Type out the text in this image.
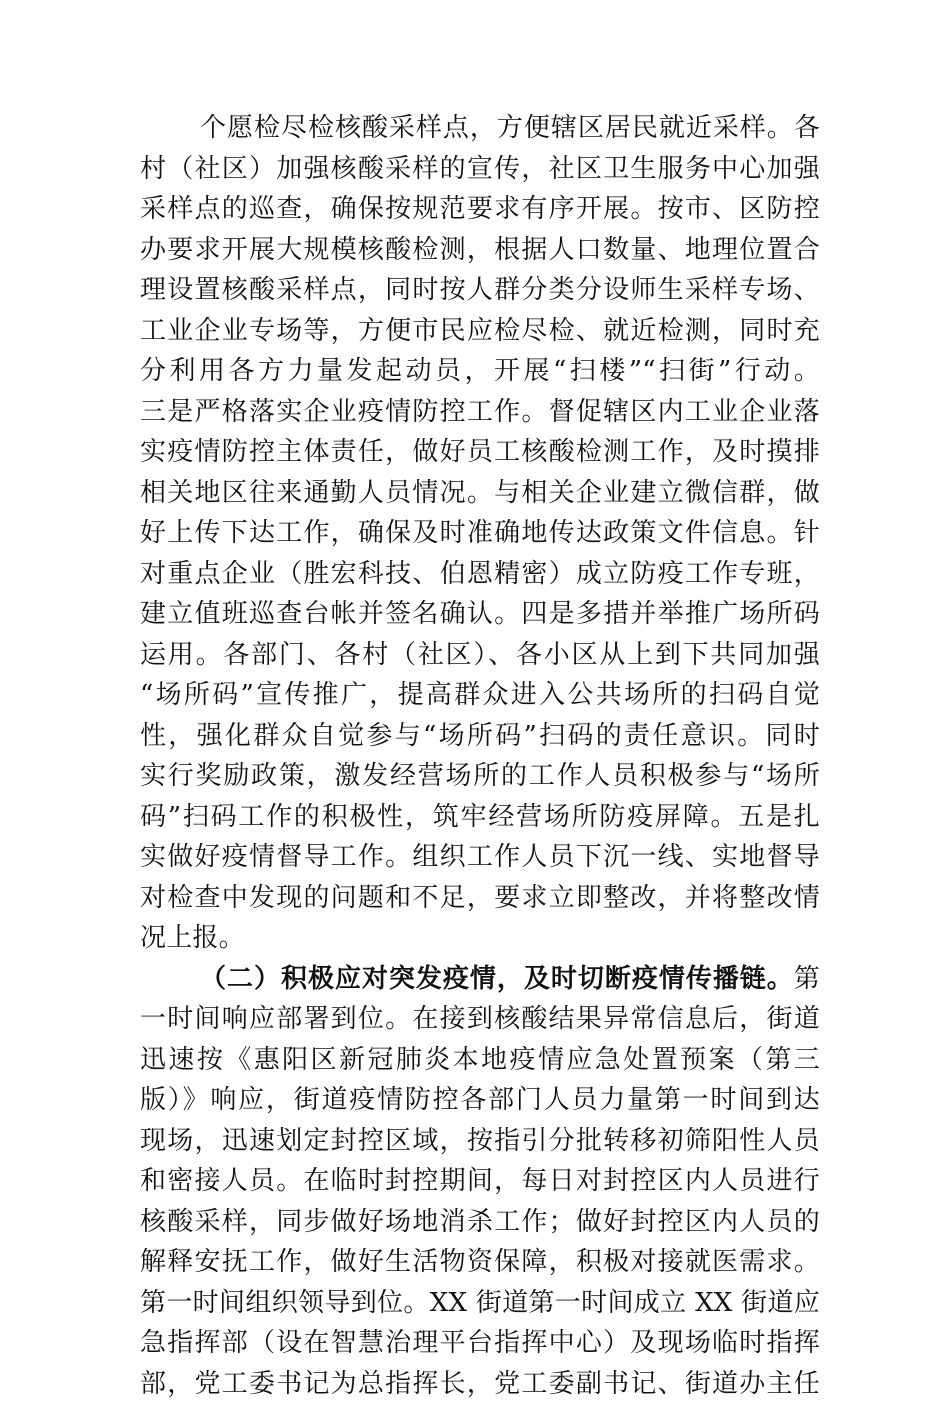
个愿检尽检核酸采样点，方便辖区居民就近采样。各
村（社区）加强核酸采样的宣传，社区卫生服务中心加强
采样点的巡查，确保按规范要求有序开展。按市、区防控
办要求开展大规模核酸检测，根据人口数量、地理位置合
理设置核酸采样点，同时按人群分类分设师生采样专场、
工业企业专场等，方便市民应检尽检、就近检测，同时充
分利用各方力量发起动员，开展“扫楼”“扫街”行动。
三是严格落实企业疫情防控工作。督促辖区内工业企业落
实疫情防控主体责任，做好员工核酸检测工作，及时摸排
相关地区往来通勤人员情况。与相关企业建立微信群，做
好上传下达工作，确保及时准确地传达政策文件信息。针
对重点企业（胜宏科技、伯恩精密）成立防疫工作专班，
建立值班巡查台帐并签名确认。四是多措并举推广场所码
运用。各部门、各村（社区）、各小区从上到下共同加强
“场所码”宣传推广，提高群众进入公共场所的扫码自觉
性，强化群众自觉参与“场所码”扫码的责任意识。同时
实行奖励政策，激发经营场所的工作人员积极参与“场所
码”扫码工作的积极性，筑牢经营场所防疫屏障。五是扎
实做好疫情督导工作。组织工作人员下沉一线、实地督导
对检查中发现的问题和不足，要求立即整改，并将整改情
况上报。
（二）积极应对突发疫情，及时切断疫情传播链。第
一时间响应部署到位。在接到核酸结果异常信息后，街道
迅速按《惠阳区新冠肺炎本地疫情应急处置预案（第三
版）》响应，街道疫情防控各部门人员力量第一时间到达
现场，迅速划定封控区域，按指引分批转移初筛阳性人员
和密接人员。在临时封控期间，每日对封控区内人员进行
核酸采样，同步做好场地消杀工作；做好封控区内人员的
解释安抚工作，做好生活物资保障，积极对接就医需求。
第一时间组织领导到位。XX 街道第一时间成立 XX 街道应
急指挥部（设在智慧治理平台指挥中心）及现场临时指挥
部，党工委书记为总指挥长，党工委副书记、街道办主任
